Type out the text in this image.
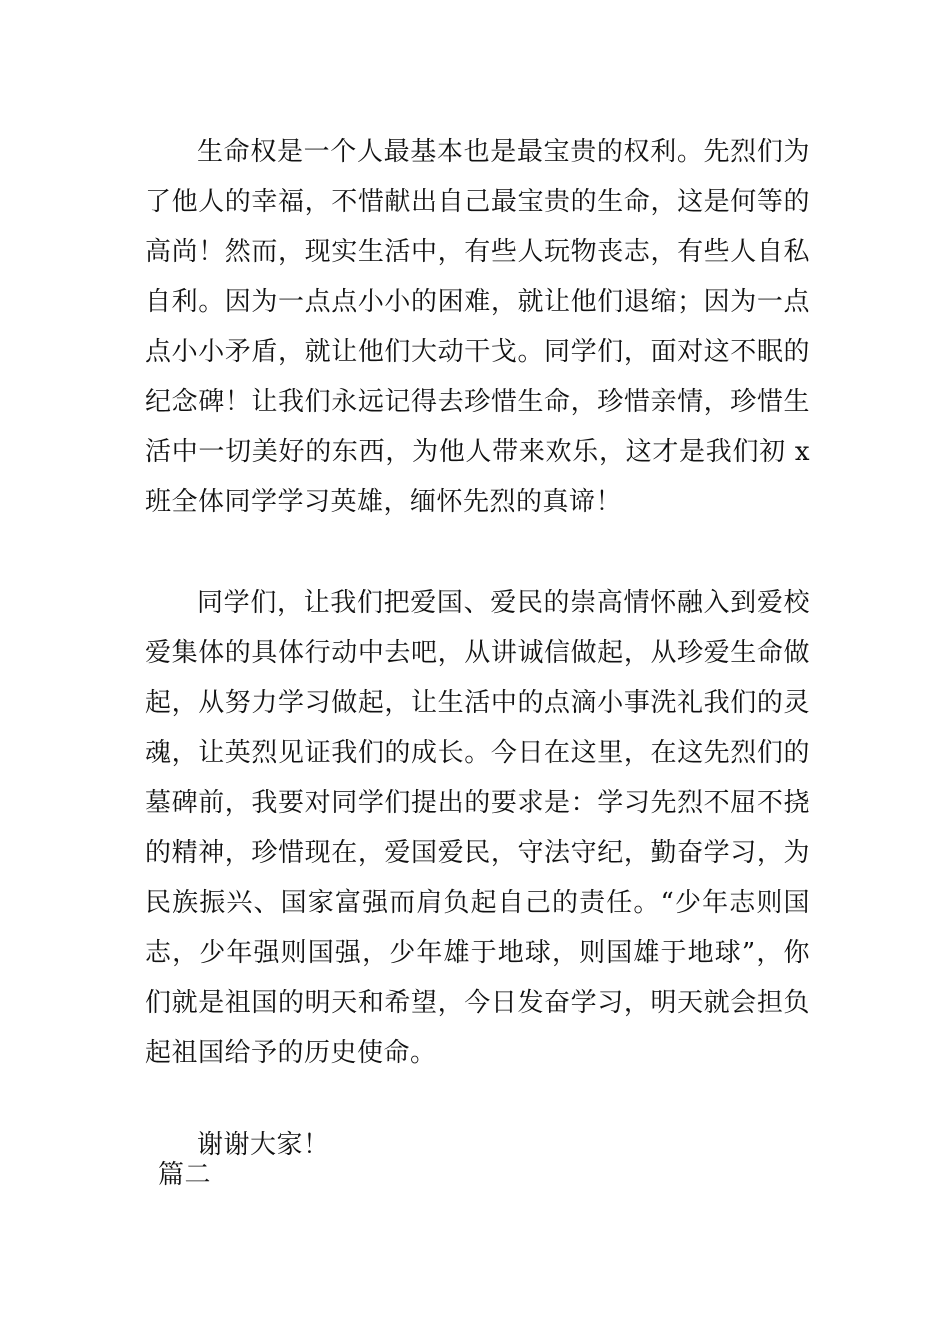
生命权是一个人最基本也是最宝贵的权利。先烈们为了他人的幸福，不惜献出自己最宝贵的生命，这是何等的高尚！然而，现实生活中，有些人玩物丧志，有些人自私自利。因为一点点小小的困难，就让他们退缩；因为一点点小小矛盾，就让他们大动干戈。同学们，面对这不眠的纪念碑！让我们永远记得去珍惜生命，珍惜亲情，珍惜生活中一切美好的东西，为他人带来欢乐，这才是我们初 x 班全体同学学习英雄，缅怀先烈的真谛！

同学们，让我们把爱国、爱民的崇高情怀融入到爱校爱集体的具体行动中去吧，从讲诚信做起，从珍爱生命做起，从努力学习做起，让生活中的点滴小事洗礼我们的灵魂，让英烈见证我们的成长。今日在这里，在这先烈们的墓碑前，我要对同学们提出的要求是：学习先烈不屈不挠的精神，珍惜现在，爱国爱民，守法守纪，勤奋学习，为民族振兴、国家富强而肩负起自己的责任。“少年志则国志，少年强则国强，少年雄于地球，则国雄于地球”，你们就是祖国的明天和希望，今日发奋学习，明天就会担负起祖国给予的历史使命。

谢谢大家！

篇二
